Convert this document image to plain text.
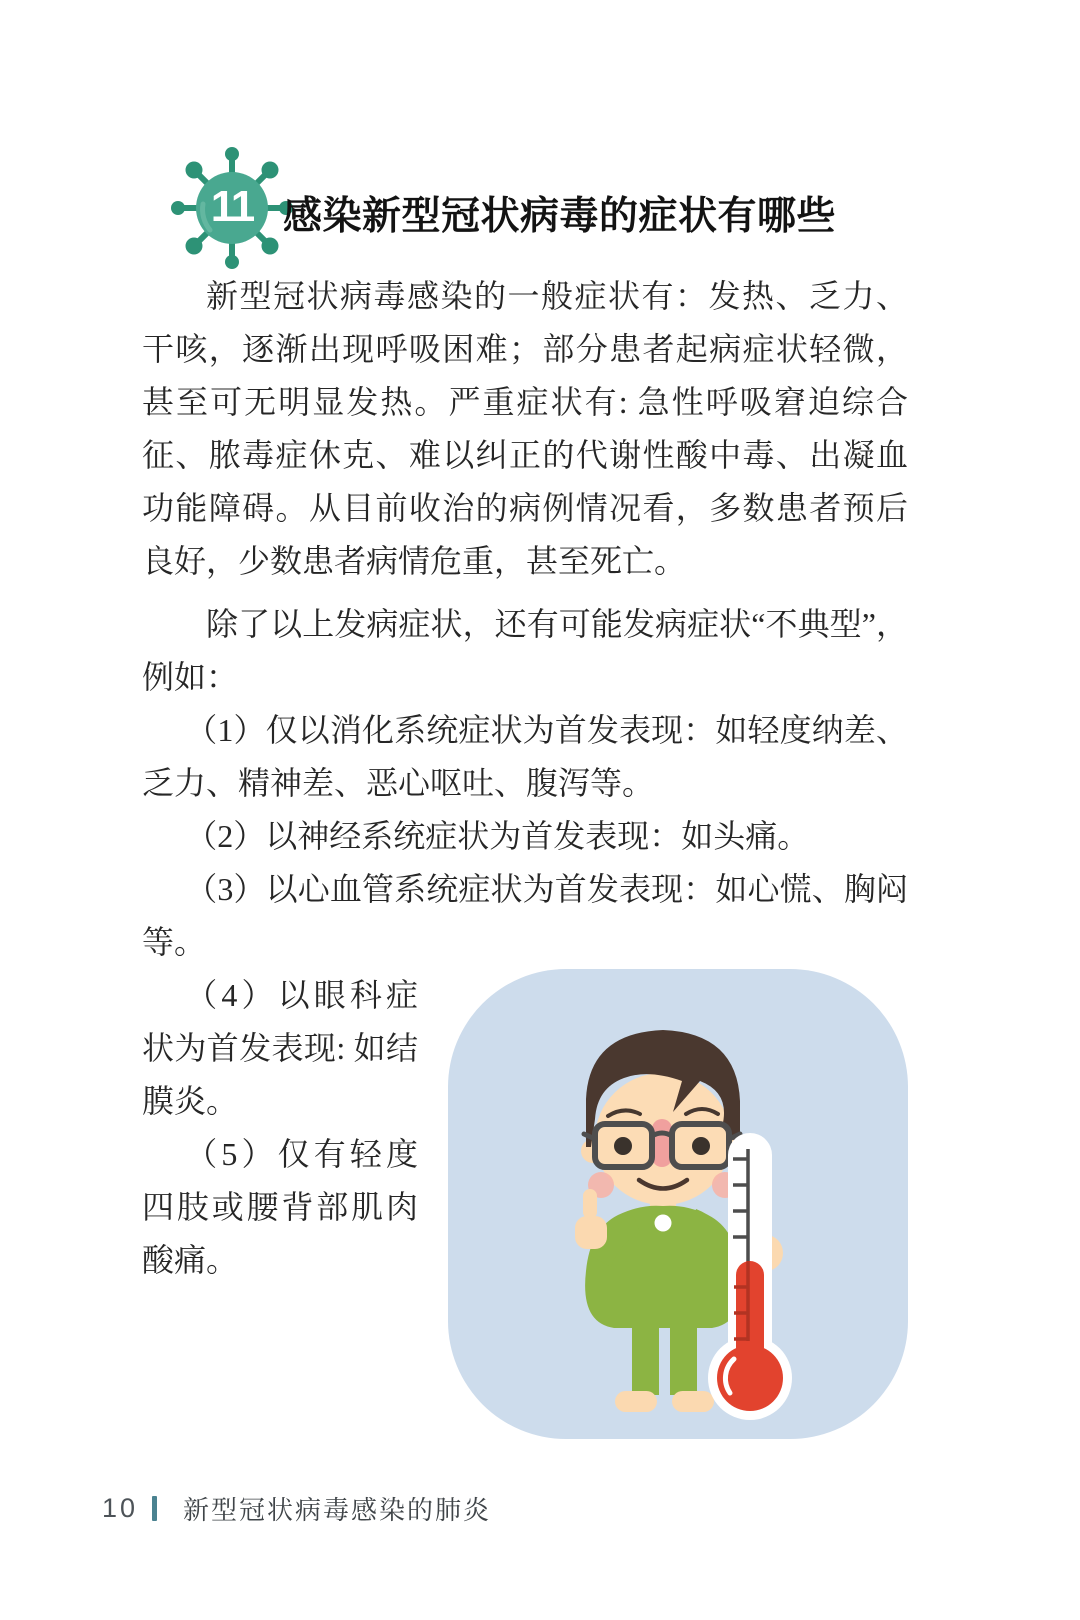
11 感染新型冠状病毒的症状有哪些

新型冠状病毒感染的一般症状有：发热、乏力、干咳，逐渐出现呼吸困难；部分患者起病症状轻微，甚至可无明显发热。严重症状有: 急性呼吸窘迫综合征、脓毒症休克、难以纠正的代谢性酸中毒、出凝血功能障碍。从目前收治的病例情况看，多数患者预后良好，少数患者病情危重，甚至死亡。

除了以上发病症状，还有可能发病症状“不典型”，例如：

（1）仅以消化系统症状为首发表现：如轻度纳差、乏力、精神差、恶心呕吐、腹泻等。

（2）以神经系统症状为首发表现：如头痛。

（3）以心血管系统症状为首发表现：如心慌、胸闷等。

（4）以眼科症状为首发表现: 如结膜炎。

（5）仅有轻度四肢或腰背部肌肉酸痛。

10 新型冠状病毒感染的肺炎
